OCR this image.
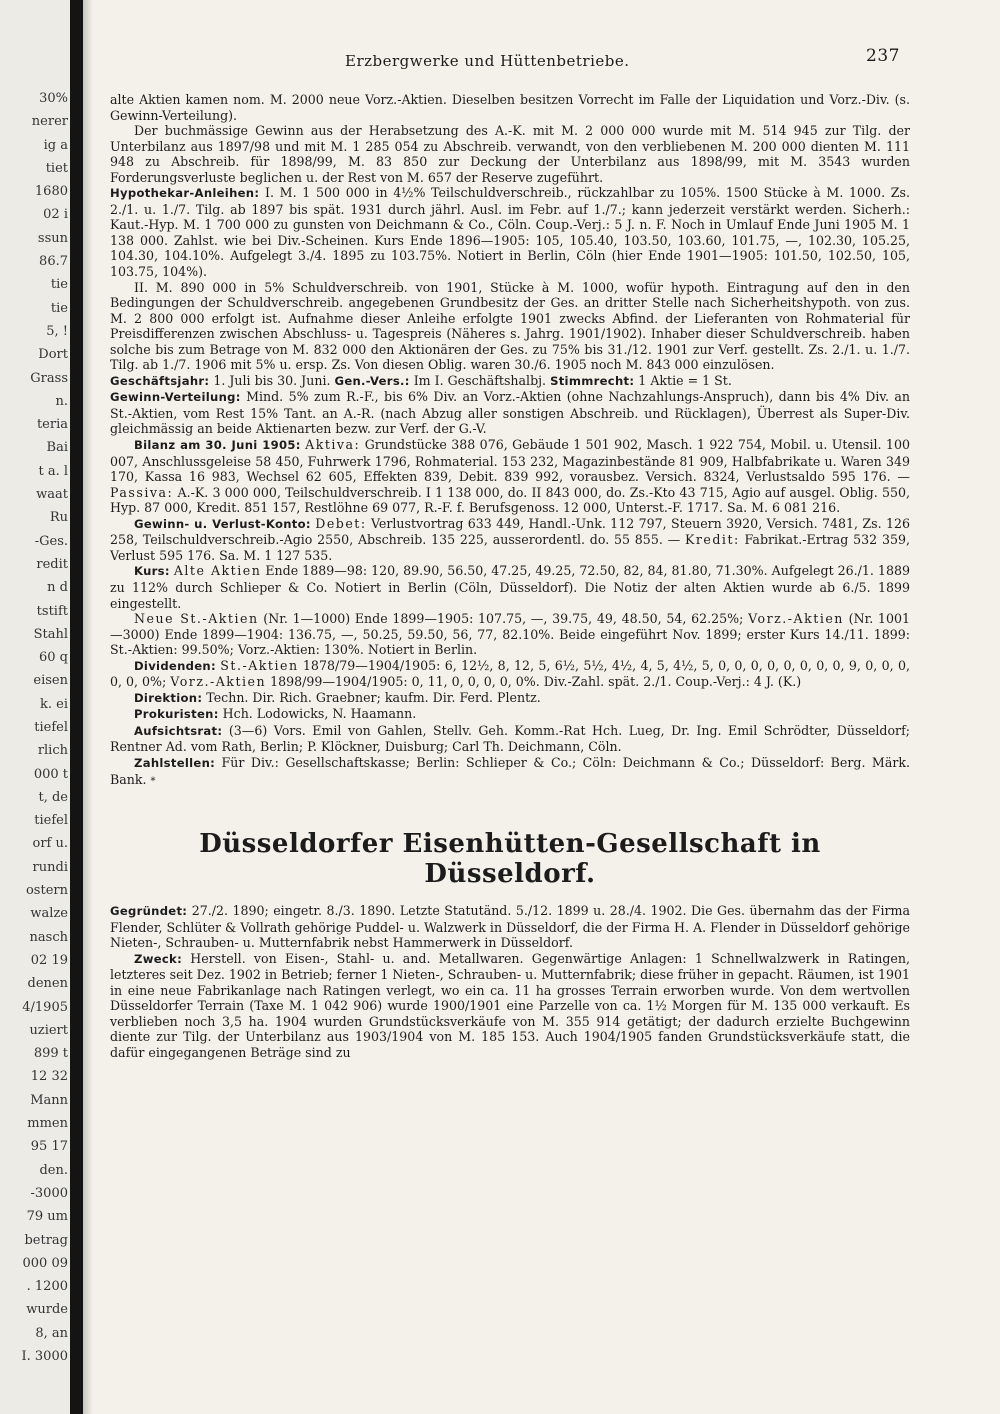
30%
nerer
ig a
tiet
1680
02 i
ssun
86.7
tie
tie
5, !
Dort
Grass
n.
teria
Bai
t a. l
waat
Ru
-Ges.
redit
n d
tstift
Stahl
60 q
eisen
k. ei
tiefel
rlich
000 t
t, de
tiefel
orf u.
rundi
ostern
walze
nasch
02 19
denen
4/1905
uziert
899 t
12 32
Mann
mmen
95 17
den.
-3000
79 um
betrag
000 09
. 1200
wurde
8, an
I. 3000
Erzbergwerke und Hüttenbetriebe.	237

alte Aktien kamen nom. M. 2000 neue Vorz.-Aktien. Dieselben besitzen Vorrecht im Falle der Liquidation und Vorz.-Div. (s. Gewinn-Verteilung).

Der buchmässige Gewinn aus der Herabsetzung des A.-K. mit M. 2 000 000 wurde mit M. 514 945 zur Tilg. der Unterbilanz aus 1897/98 und mit M. 1 285 054 zu Abschreib. verwandt, von den verbliebenen M. 200 000 dienten M. 111 948 zu Abschreib. für 1898/99, M. 83 850 zur Deckung der Unterbilanz aus 1898/99, mit M. 3543 wurden Forderungsverluste beglichen u. der Rest von M. 657 der Reserve zugeführt.

Hypothekar-Anleihen: I. M. 1 500 000 in 4½% Teilschuldverschreib., rückzahlbar zu 105%. 1500 Stücke à M. 1000. Zs. 2./1. u. 1./7. Tilg. ab 1897 bis spät. 1931 durch jährl. Ausl. im Febr. auf 1./7.; kann jederzeit verstärkt werden. Sicherh.: Kaut.-Hyp. M. 1 700 000 zu gunsten von Deichmann & Co., Cöln. Coup.-Verj.: 5 J. n. F. Noch in Umlauf Ende Juni 1905 M. 1 138 000. Zahlst. wie bei Div.-Scheinen. Kurs Ende 1896—1905: 105, 105.40, 103.50, 103.60, 101.75, —, 102.30, 105.25, 104.30, 104.10%. Aufgelegt 3./4. 1895 zu 103.75%. Notiert in Berlin, Cöln (hier Ende 1901—1905: 101.50, 102.50, 105, 103.75, 104%).

II. M. 890 000 in 5% Schuldverschreib. von 1901, Stücke à M. 1000, wofür hypoth. Eintragung auf den in den Bedingungen der Schuldverschreib. angegebenen Grundbesitz der Ges. an dritter Stelle nach Sicherheitshypoth. von zus. M. 2 800 000 erfolgt ist. Aufnahme dieser Anleihe erfolgte 1901 zwecks Abfind. der Lieferanten von Rohmaterial für Preisdifferenzen zwischen Abschluss- u. Tagespreis (Näheres s. Jahrg. 1901/1902). Inhaber dieser Schuldverschreib. haben solche bis zum Betrage von M. 832 000 den Aktionären der Ges. zu 75% bis 31./12. 1901 zur Verf. gestellt. Zs. 2./1. u. 1./7. Tilg. ab 1./7. 1906 mit 5% u. ersp. Zs. Von diesen Oblig. waren 30./6. 1905 noch M. 843 000 einzulösen.

Geschäftsjahr: 1. Juli bis 30. Juni. Gen.-Vers.: Im I. Geschäftshalbj. Stimmrecht: 1 Aktie = 1 St.

Gewinn-Verteilung: Mind. 5% zum R.-F., bis 6% Div. an Vorz.-Aktien (ohne Nachzahlungs-Anspruch), dann bis 4% Div. an St.-Aktien, vom Rest 15% Tant. an A.-R. (nach Abzug aller sonstigen Abschreib. und Rücklagen), Überrest als Super-Div. gleichmässig an beide Aktienarten bezw. zur Verf. der G.-V.

Bilanz am 30. Juni 1905: Aktiva: Grundstücke 388 076, Gebäude 1 501 902, Masch. 1 922 754, Mobil. u. Utensil. 100 007, Anschlussgeleise 58 450, Fuhrwerk 1796, Rohmaterial. 153 232, Magazinbestände 81 909, Halbfabrikate u. Waren 349 170, Kassa 16 983, Wechsel 62 605, Effekten 839, Debit. 839 992, vorausbez. Versich. 8324, Verlustsaldo 595 176. — Passiva: A.-K. 3 000 000, Teilschuldverschreib. I 1 138 000, do. II 843 000, do. Zs.-Kto 43 715, Agio auf ausgel. Oblig. 550, Hyp. 87 000, Kredit. 851 157, Restlöhne 69 077, R.-F. f. Berufsgenoss. 12 000, Unterst.-F. 1717. Sa. M. 6 081 216.

Gewinn- u. Verlust-Konto: Debet: Verlustvortrag 633 449, Handl.-Unk. 112 797, Steuern 3920, Versich. 7481, Zs. 126 258, Teilschuldverschreib.-Agio 2550, Abschreib. 135 225, ausserordentl. do. 55 855. — Kredit: Fabrikat.-Ertrag 532 359, Verlust 595 176. Sa. M. 1 127 535.

Kurs: Alte Aktien Ende 1889—98: 120, 89.90, 56.50, 47.25, 49.25, 72.50, 82, 84, 81.80, 71.30%. Aufgelegt 26./1. 1889 zu 112% durch Schlieper & Co. Notiert in Berlin (Cöln, Düsseldorf). Die Notiz der alten Aktien wurde ab 6./5. 1899 eingestellt.

Neue St.-Aktien (Nr. 1—1000) Ende 1899—1905: 107.75, —, 39.75, 49, 48.50, 54, 62.25%; Vorz.-Aktien (Nr. 1001—3000) Ende 1899—1904: 136.75, —, 50.25, 59.50, 56, 77, 82.10%. Beide eingeführt Nov. 1899; erster Kurs 14./11. 1899: St.-Aktien: 99.50%; Vorz.-Aktien: 130%. Notiert in Berlin.

Dividenden: St.-Aktien 1878/79—1904/1905: 6, 12½, 8, 12, 5, 6½, 5½, 4½, 4, 5, 4½, 5, 0, 0, 0, 0, 0, 0, 0, 0, 9, 0, 0, 0, 0, 0, 0%; Vorz.-Aktien 1898/99—1904/1905: 0, 11, 0, 0, 0, 0, 0%. Div.-Zahl. spät. 2./1. Coup.-Verj.: 4 J. (K.)

Direktion: Techn. Dir. Rich. Graebner; kaufm. Dir. Ferd. Plentz.

Prokuristen: Hch. Lodowicks, N. Haamann.

Aufsichtsrat: (3—6) Vors. Emil von Gahlen, Stellv. Geh. Komm.-Rat Hch. Lueg, Dr. Ing. Emil Schrödter, Düsseldorf; Rentner Ad. vom Rath, Berlin; P. Klöckner, Duisburg; Carl Th. Deichmann, Cöln.

Zahlstellen: Für Div.: Gesellschaftskasse; Berlin: Schlieper & Co.; Cöln: Deichmann & Co.; Düsseldorf: Berg. Märk. Bank. *

Düsseldorfer Eisenhütten-Gesellschaft in Düsseldorf.

Gegründet: 27./2. 1890; eingetr. 8./3. 1890. Letzte Statutänd. 5./12. 1899 u. 28./4. 1902. Die Ges. übernahm das der Firma Flender, Schlüter & Vollrath gehörige Puddel- u. Walzwerk in Düsseldorf, die der Firma H. A. Flender in Düsseldorf gehörige Nieten-, Schrauben- u. Mutternfabrik nebst Hammerwerk in Düsseldorf.

Zweck: Herstell. von Eisen-, Stahl- u. and. Metallwaren. Gegenwärtige Anlagen: 1 Schnellwalzwerk in Ratingen, letzteres seit Dez. 1902 in Betrieb; ferner 1 Nieten-, Schrauben- u. Mutternfabrik; diese früher in gepacht. Räumen, ist 1901 in eine neue Fabrikanlage nach Ratingen verlegt, wo ein ca. 11 ha grosses Terrain erworben wurde. Von dem wertvollen Düsseldorfer Terrain (Taxe M. 1 042 906) wurde 1900/1901 eine Parzelle von ca. 1½ Morgen für M. 135 000 verkauft. Es verblieben noch 3,5 ha. 1904 wurden Grundstücksverkäufe von M. 355 914 getätigt; der dadurch erzielte Buchgewinn diente zur Tilg. der Unterbilanz aus 1903/1904 von M. 185 153. Auch 1904/1905 fanden Grundstücksverkäufe statt, die dafür eingegangenen Beträge sind zu
